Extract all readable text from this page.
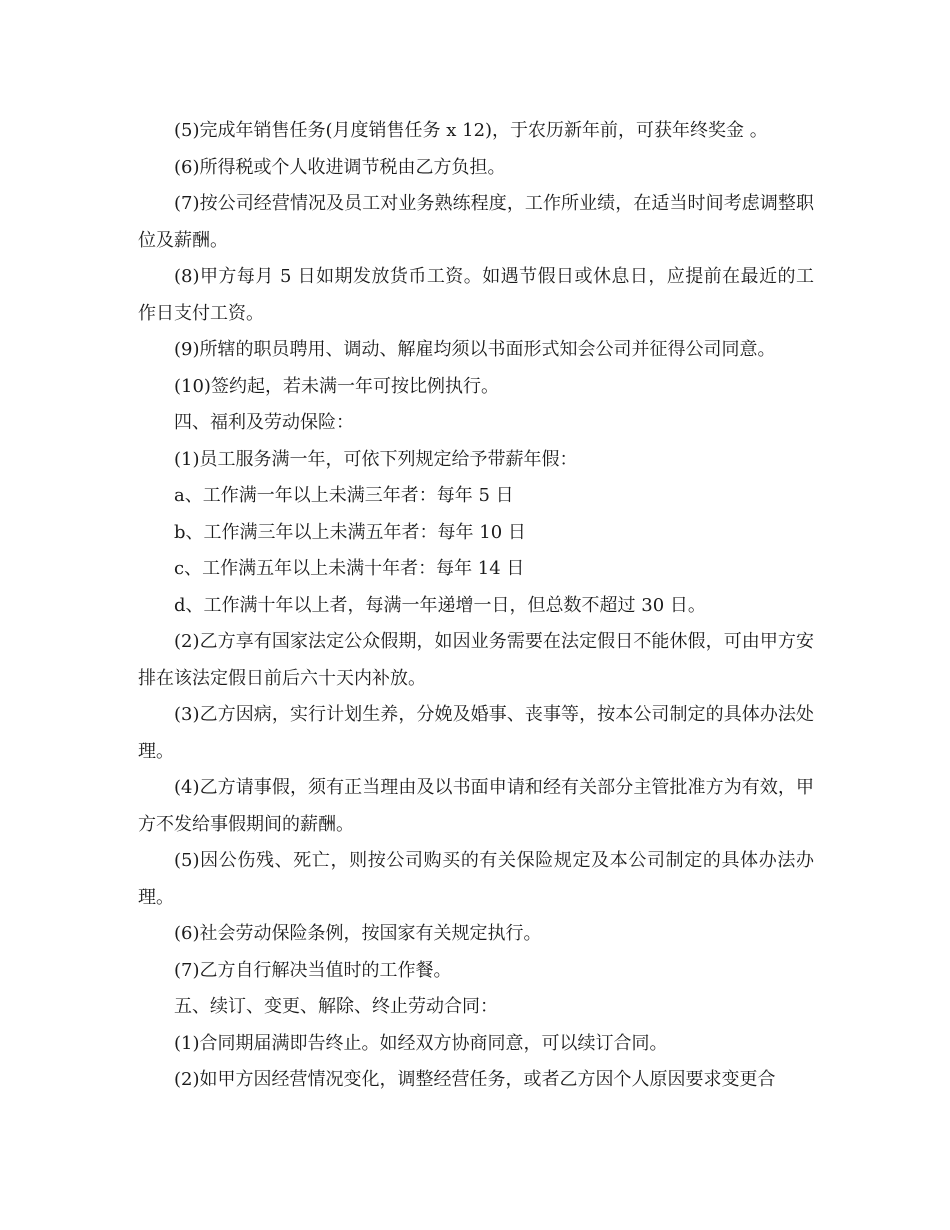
(5)完成年销售任务(月度销售任务 x 12)，于农历新年前，可获年终奖金 。

(6)所得税或个人收进调节税由乙方负担。

(7)按公司经营情况及员工对业务熟练程度，工作所业绩，在适当时间考虑调整职位及薪酬。

(8)甲方每月 5 日如期发放货币工资。如遇节假日或休息日，应提前在最近的工作日支付工资。

(9)所辖的职员聘用、调动、解雇均须以书面形式知会公司并征得公司同意。

(10)签约起，若未满一年可按比例执行。

四、福利及劳动保险：

(1)员工服务满一年，可依下列规定给予带薪年假：

a、工作满一年以上未满三年者：每年 5 日

b、工作满三年以上未满五年者：每年 10 日

c、工作满五年以上未满十年者：每年 14 日

d、工作满十年以上者，每满一年递增一日，但总数不超过 30 日。

(2)乙方享有国家法定公众假期，如因业务需要在法定假日不能休假，可由甲方安排在该法定假日前后六十天内补放。

(3)乙方因病，实行计划生养，分娩及婚事、丧事等，按本公司制定的具体办法处理。

(4)乙方请事假，须有正当理由及以书面申请和经有关部分主管批准方为有效，甲方不发给事假期间的薪酬。

(5)因公伤残、死亡，则按公司购买的有关保险规定及本公司制定的具体办法办理。

(6)社会劳动保险条例，按国家有关规定执行。

(7)乙方自行解决当值时的工作餐。

五、续订、变更、解除、终止劳动合同：

(1)合同期届满即告终止。如经双方协商同意，可以续订合同。

(2)如甲方因经营情况变化，调整经营任务，或者乙方因个人原因要求变更合
